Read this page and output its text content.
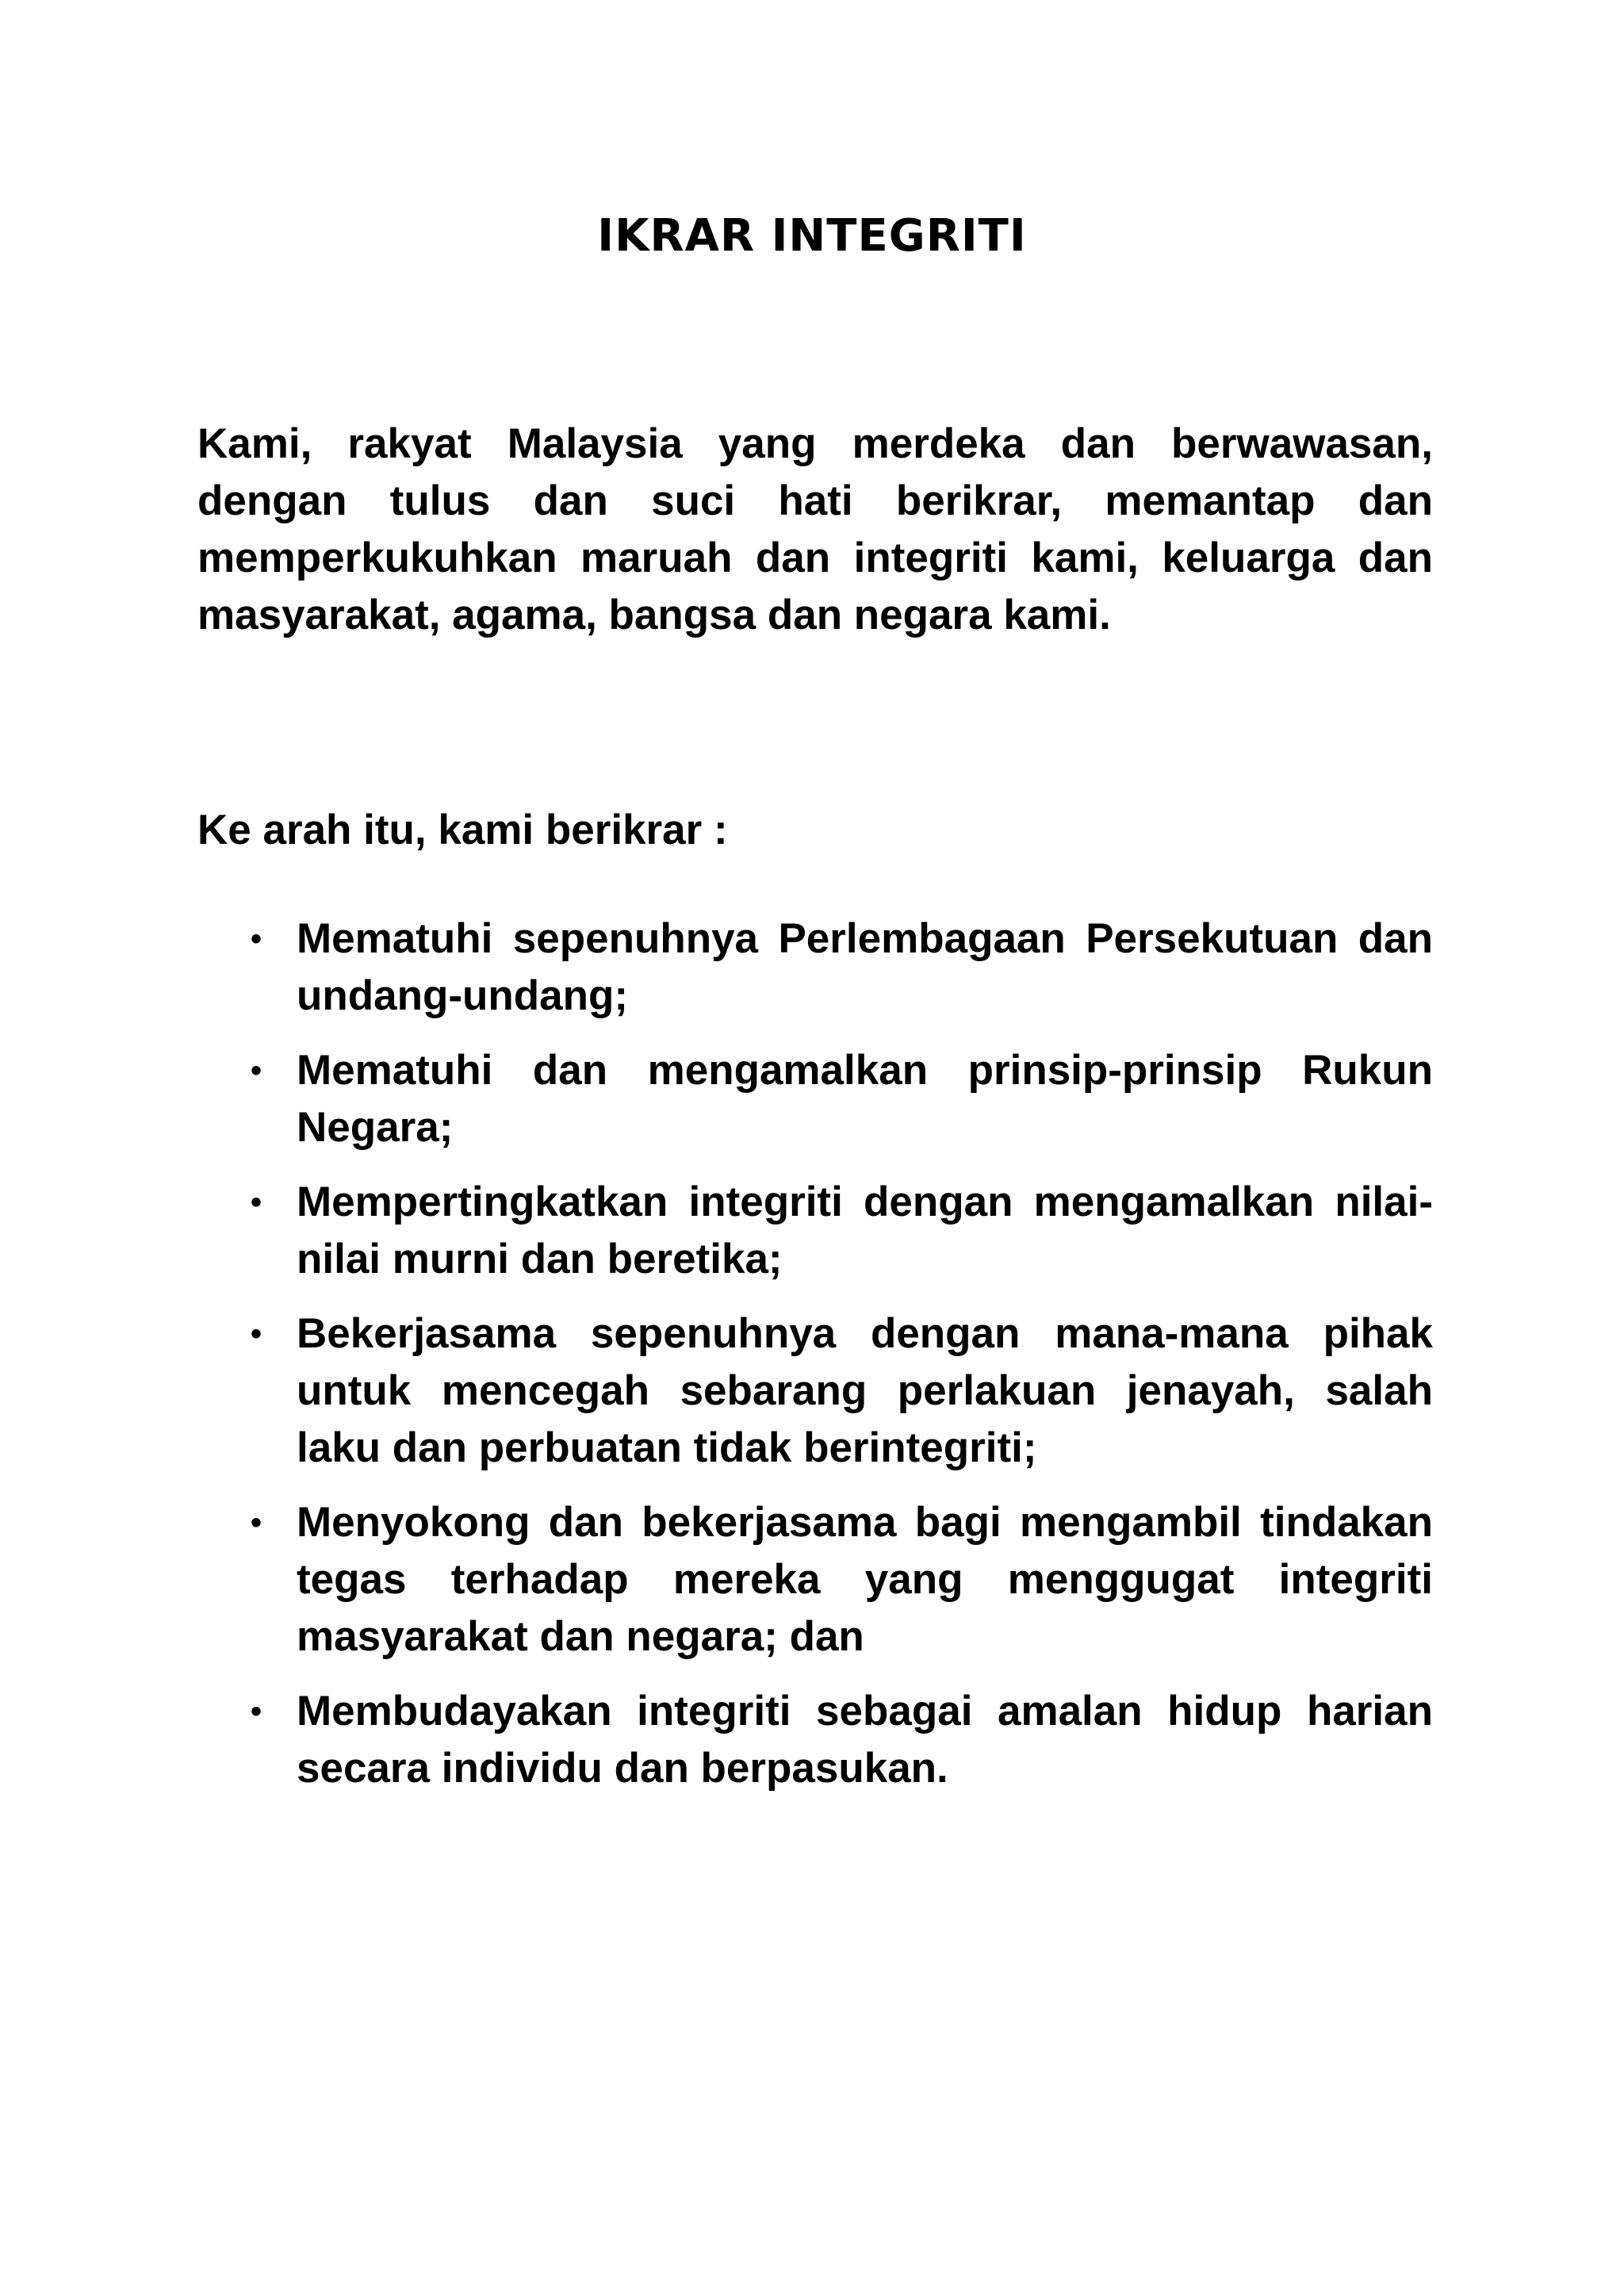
IKRAR INTEGRITI

Kami, rakyat Malaysia yang merdeka dan berwawasan, dengan tulus dan suci hati berikrar, memantap dan memperkukuhkan maruah dan integriti kami, keluarga dan masyarakat, agama, bangsa dan negara kami.

Ke arah itu, kami berikrar :

• Mematuhi sepenuhnya Perlembagaan Persekutuan dan undang-undang;
• Mematuhi dan mengamalkan prinsip-prinsip Rukun Negara;
• Mempertingkatkan integriti dengan mengamalkan nilai-nilai murni dan beretika;
• Bekerjasama sepenuhnya dengan mana-mana pihak untuk mencegah sebarang perlakuan jenayah, salah laku dan perbuatan tidak berintegriti;
• Menyokong dan bekerjasama bagi mengambil tindakan tegas terhadap mereka yang menggugat integriti masyarakat dan negara; dan
• Membudayakan integriti sebagai amalan hidup harian secara individu dan berpasukan.
